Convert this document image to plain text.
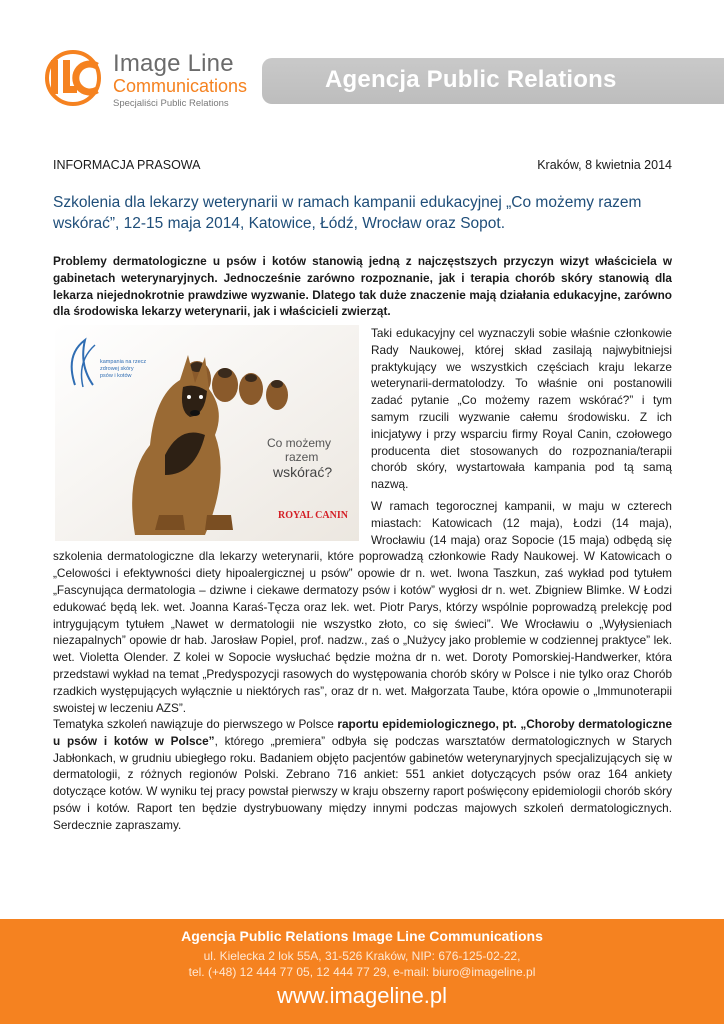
Image Line
Communications
Specjaliści Public Relations
Agencja Public Relations
INFORMACJA PRASOWA	Kraków, 8 kwietnia 2014
Szkolenia dla lekarzy weterynarii w ramach kampanii edukacyjnej „Co możemy razem wskórać”, 12-15 maja 2014, Katowice, Łódź, Wrocław oraz Sopot.
Problemy dermatologiczne u psów i kotów stanowią jedną z najczęstszych przyczyn wizyt właściciela w gabinetach weterynaryjnych. Jednocześnie zarówno rozpoznanie, jak i terapia chorób skóry stanowią dla lekarza niejednokrotnie prawdziwe wyzwanie. Dlatego tak duże znaczenie mają działania edukacyjne, zarówno dla środowiska lekarzy weterynarii, jak i właścicieli zwierząt.
kampania na rzecz
zdrowej skóry
psów i kotów
Co możemy
razem
wskórać?
ROYAL CANIN

Taki edukacyjny cel wyznaczyli sobie właśnie członkowie Rady Naukowej, której skład zasilają najwybitniejsi praktykujący we wszystkich częściach kraju lekarze weterynarii-dermatolodzy. To właśnie oni postanowili zadać pytanie „Co możemy razem wskórać?” i tym samym rzucili wyzwanie całemu środowisku. Z ich inicjatywy i przy wsparciu firmy Royal Canin, czołowego producenta diet stosowanych do rozpoznania/terapii chorób skóry, wystartowała kampania pod tą samą nazwą.

W ramach tegorocznej kampanii, w maju w czterech miastach: Katowicach (12 maja), Łodzi (14 maja), Wrocławiu (14 maja) oraz Sopocie (15 maja) odbędą się szkolenia dermatologiczne dla lekarzy weterynarii, które poprowadzą członkowie Rady Naukowej. W Katowicach o „Celowości i efektywności diety hipoalergicznej u psów” opowie dr n. wet. Iwona Taszkun, zaś wykład pod tytułem „Fascynująca dermatologia – dziwne i ciekawe dermatozy psów i kotów” wygłosi dr n. wet. Zbigniew Blimke. W Łodzi edukować będą lek. wet. Joanna Karaś-Tęcza oraz lek. wet. Piotr Parys, którzy wspólnie poprowadzą prelekcję pod intrygującym tytułem „Nawet w dermatologii nie wszystko złoto, co się świeci”. We Wrocławiu o „Wyłysieniach niezapalnych” opowie dr hab. Jarosław Popiel, prof. nadzw., zaś o „Nużycy jako problemie w codziennej praktyce” lek. wet. Violetta Olender. Z kolei w Sopocie wysłuchać będzie można dr n. wet. Doroty Pomorskiej-Handwerker, która przedstawi wykład na temat „Predyspozycji rasowych do występowania chorób skóry w Polsce i nie tylko oraz Chorób rzadkich występujących wyłącznie u niektórych ras”, oraz dr n. wet. Małgorzata Taube, która opowie o „Immunoterapii swoistej w leczeniu AZS”.

Tematyka szkoleń nawiązuje do pierwszego w Polsce raportu epidemiologicznego, pt. „Choroby dermatologiczne u psów i kotów w Polsce”, którego „premiera” odbyła się podczas warsztatów dermatologicznych w Starych Jabłonkach, w grudniu ubiegłego roku. Badaniem objęto pacjentów gabinetów weterynaryjnych specjalizujących się w dermatologii, z różnych regionów Polski. Zebrano 716 ankiet: 551 ankiet dotyczących psów oraz 164 ankiety dotyczące kotów. W wyniku tej pracy powstał pierwszy w kraju obszerny raport poświęcony epidemiologii chorób skóry psów i kotów. Raport ten będzie dystrybuowany między innymi podczas majowych szkoleń dermatologicznych. Serdecznie zapraszamy.
Agencja Public Relations Image Line Communications
ul. Kielecka 2 lok 55A, 31-526 Kraków, NIP: 676-125-02-22,
tel. (+48) 12 444 77 05, 12 444 77 29, e-mail: biuro@imageline.pl
www.imageline.pl
